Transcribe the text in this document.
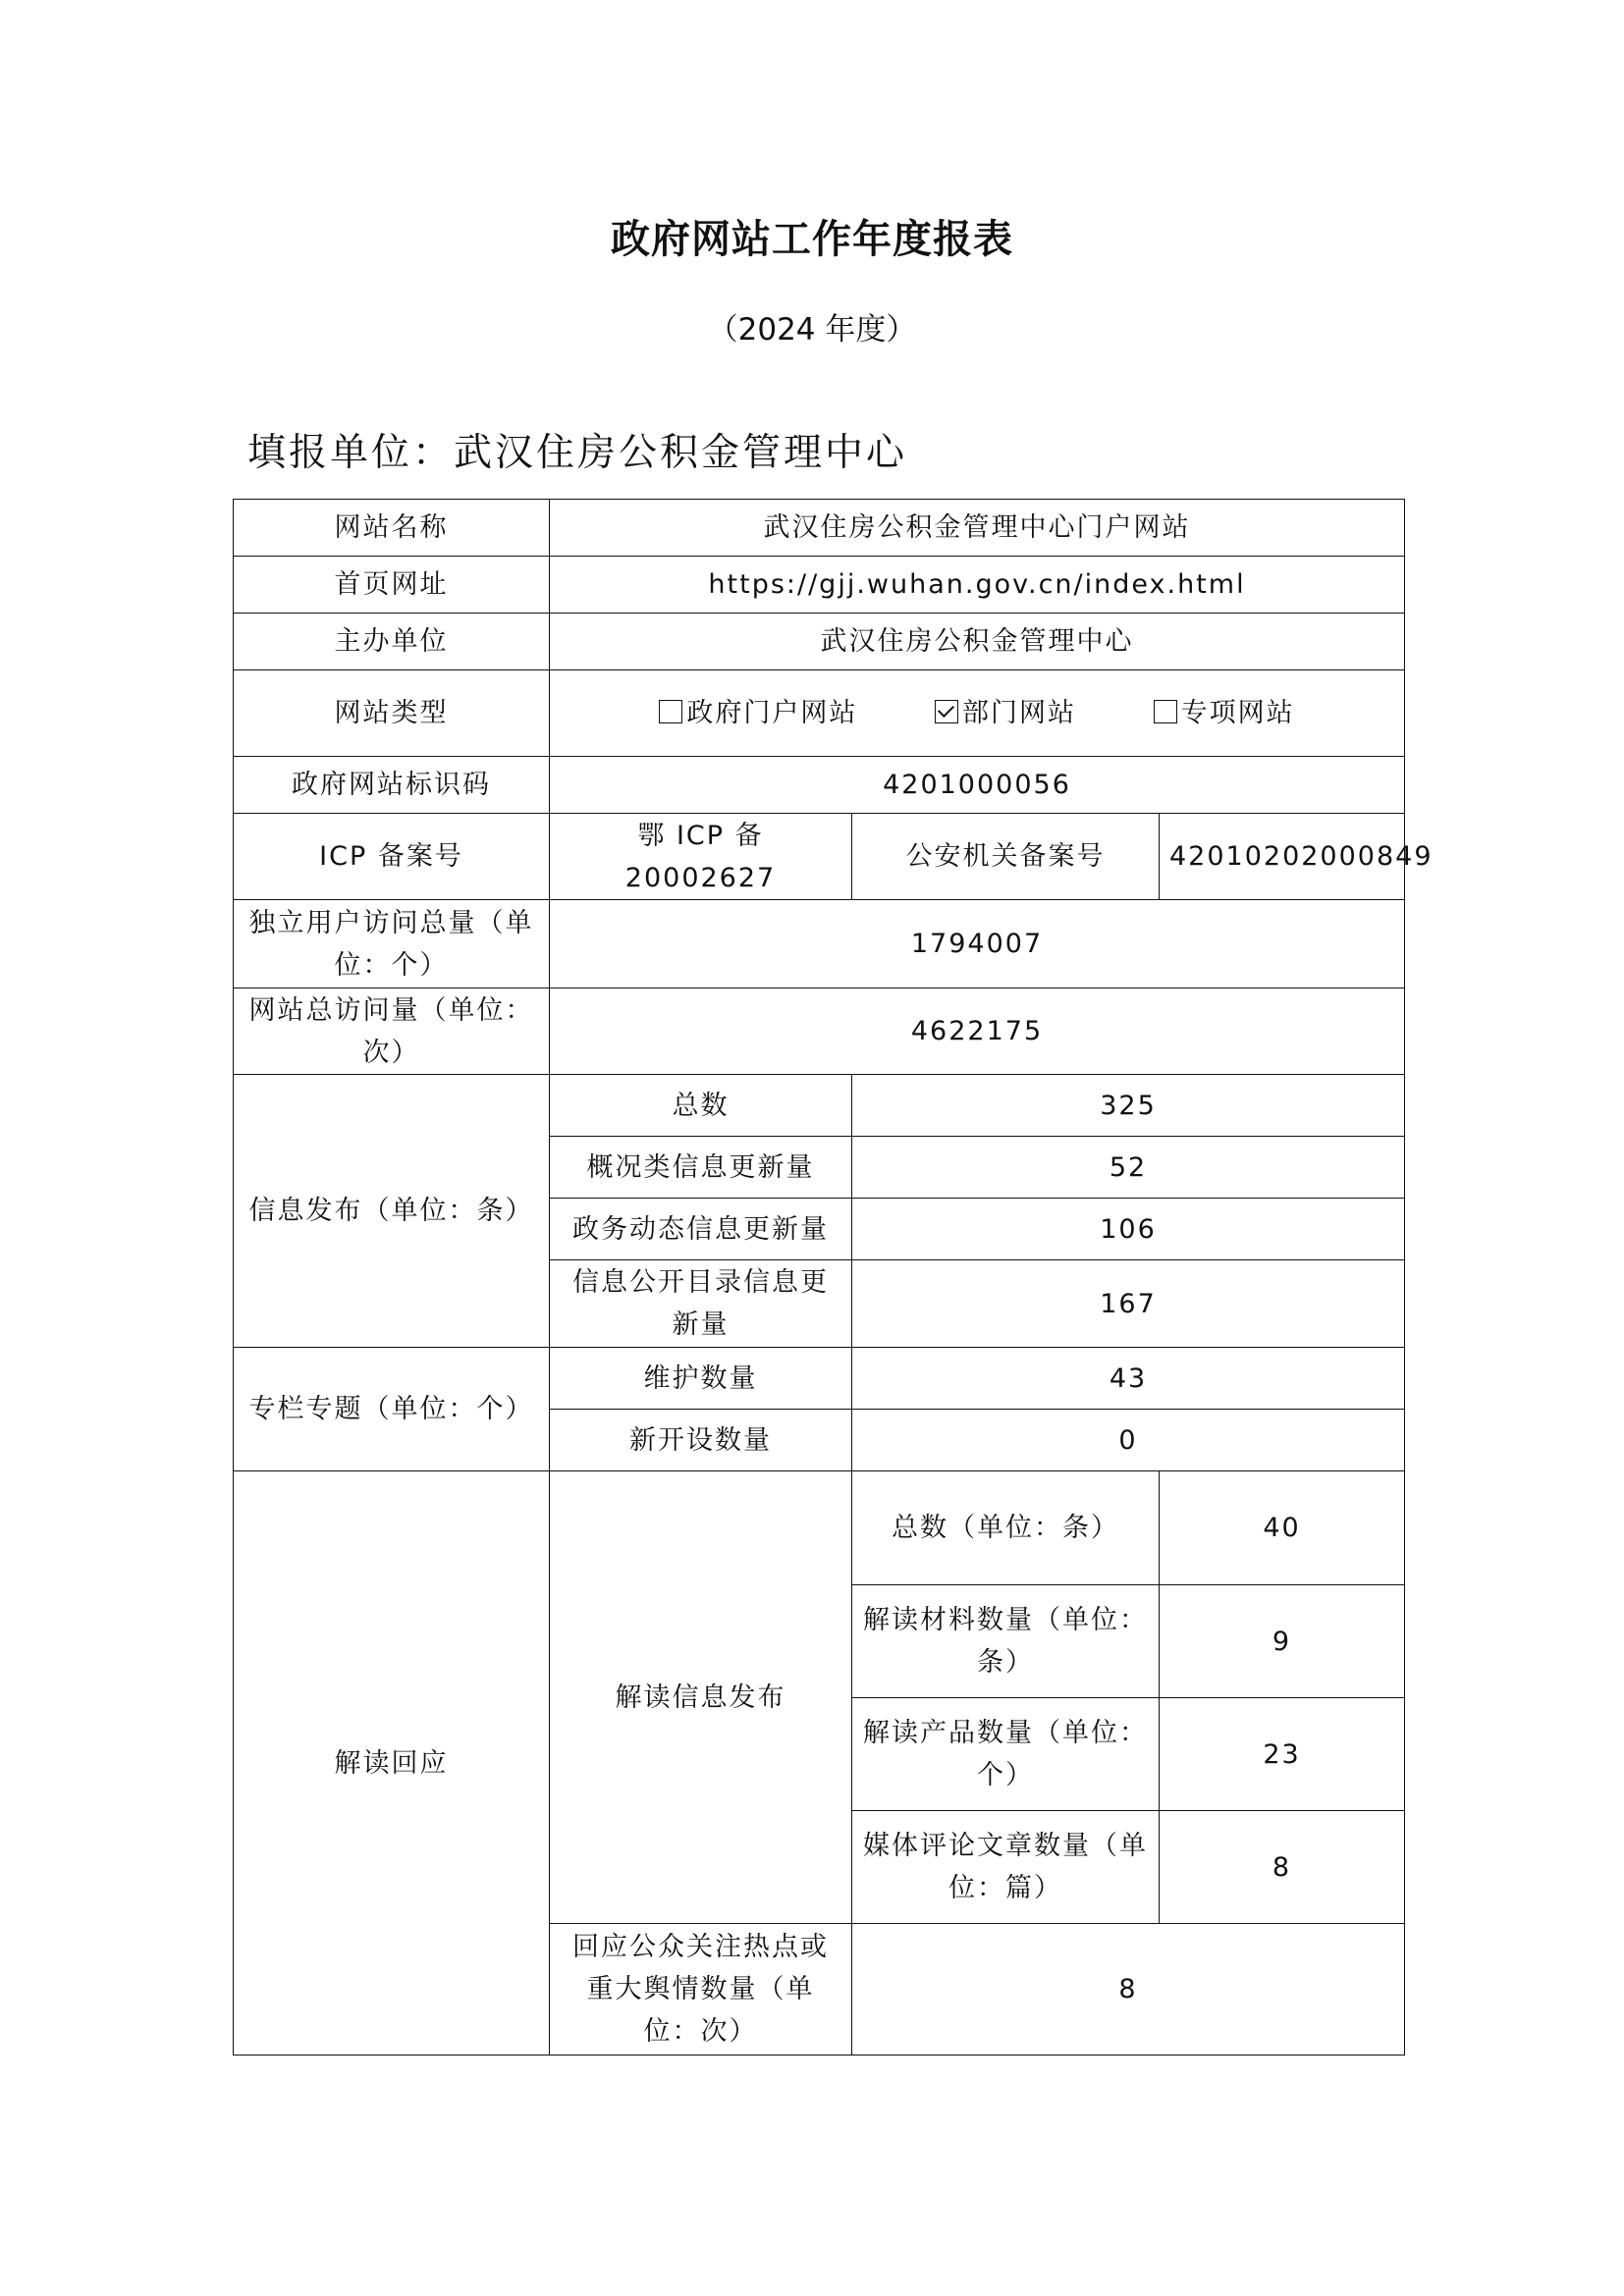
政府网站工作年度报表
（2024 年度）
填报单位：武汉住房公积金管理中心
网站名称	武汉住房公积金管理中心门户网站		
首页网址	https://gjj.wuhan.gov.cn/index.html		
主办单位	武汉住房公积金管理中心		
网站类型	政府门户网站 部门网站 专项网站		
政府网站标识码	4201000056		
ICP 备案号	鄂 ICP 备 20002627	公安机关备案号	42010202000849
独立用户访问总量（单位：个）	1794007		
网站总访问量（单位：次）	4622175		
信息发布（单位：条）	总数	325	
	概况类信息更新量	52	
	政务动态信息更新量	106	
	信息公开目录信息更新量	167	
专栏专题（单位：个）	维护数量	43	
	新开设数量	0	
解读回应	解读信息发布	总数（单位：条）	40
		解读材料数量（单位：条）	9
		解读产品数量（单位：个）	23
		媒体评论文章数量（单位：篇）	8
	回应公众关注热点或重大舆情数量（单位：次）	8	
